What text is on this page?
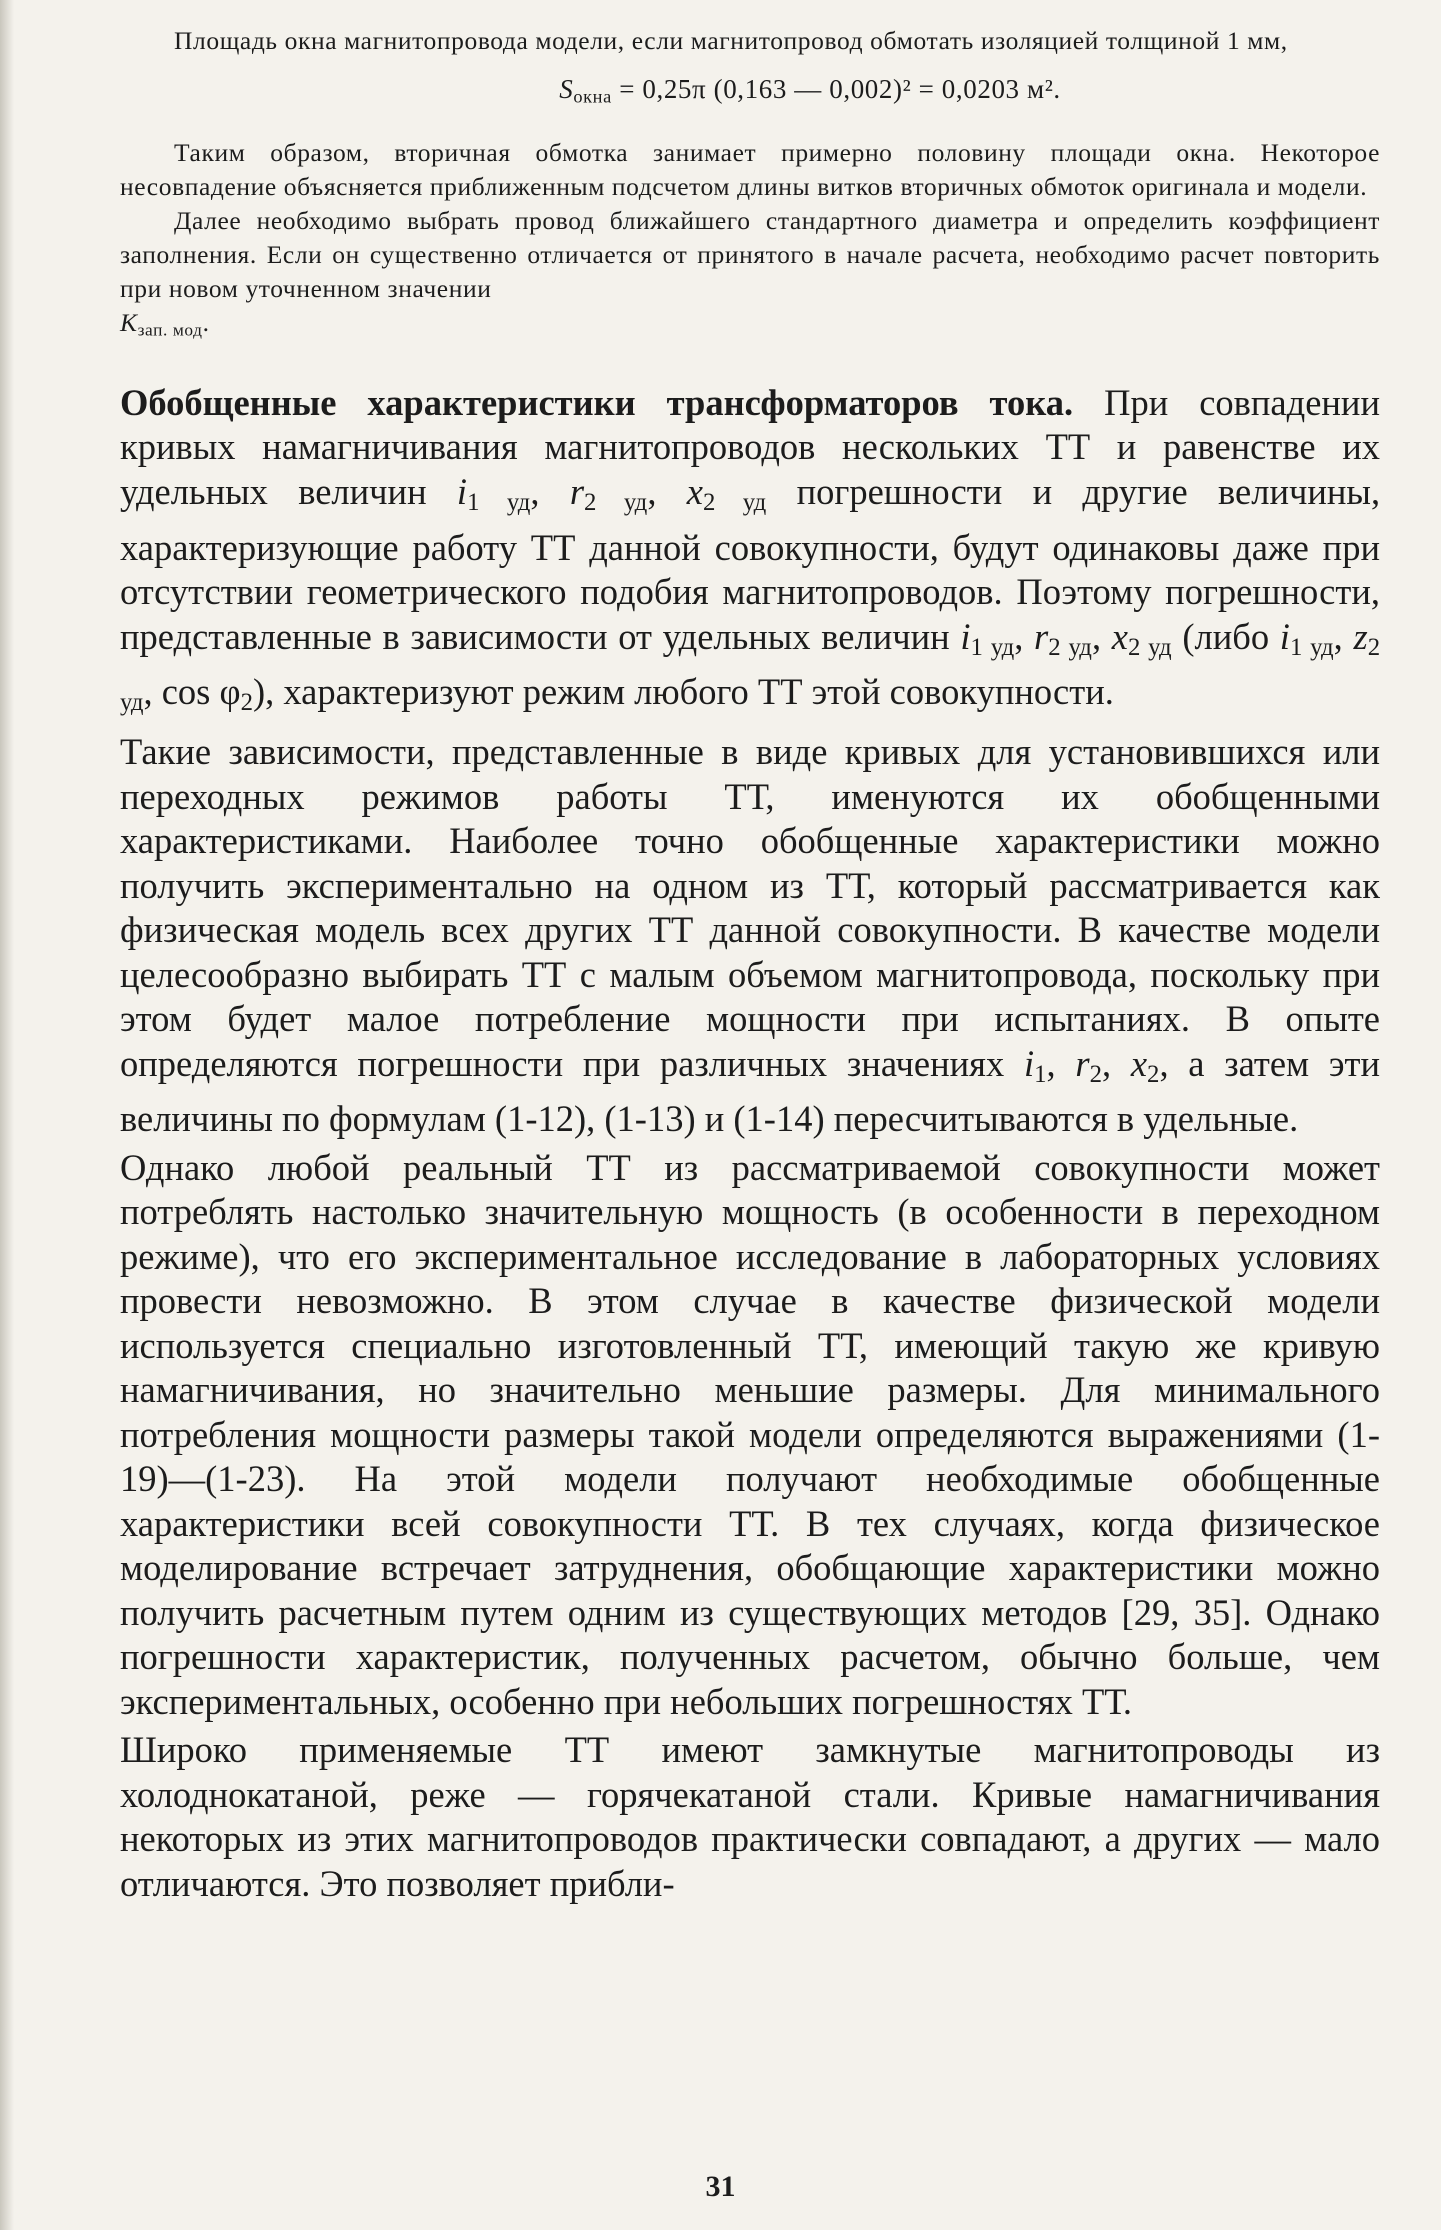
Площадь окна магнитопровода модели, если магнитопровод обмотать изоляцией толщиной 1 мм,

$S_{окна} = 0,25\pi$ (0,163 — 0,002)² = 0,0203 м².

Таким образом, вторичная обмотка занимает примерно половину площади окна. Некоторое несовпадение объясняется приближенным подсчетом длины витков вторичных обмоток оригинала и модели.

Далее необходимо выбрать провод ближайшего стандартного диаметра и определить коэффициент заполнения. Если он существенно отличается от принятого в начале расчета, необходимо расчет повторить при новом уточненном значении
$K_{зап. мод}$.

Обобщенные характеристики трансформаторов тока. При совпадении кривых намагничивания магнитопроводов нескольких ТТ и равенстве их удельных величин $i_{1 уд}$, $r_{2 уд}$, $x_{2 уд}$ погрешности и другие величины, характеризующие работу ТТ данной совокупности, будут одинаковы даже при отсутствии геометрического подобия магнитопроводов. Поэтому погрешности, представленные в зависимости от удельных величин $i_{1 уд}$, $r_{2 уд}$, $x_{2 уд}$ (либо $i_{1 уд}$, $z_{2 уд}$, $\cos \varphi_2$), характеризуют режим любого ТТ этой совокупности.

Такие зависимости, представленные в виде кривых для установившихся или переходных режимов работы ТТ, именуются их обобщенными характеристиками. Наиболее точно обобщенные характеристики можно получить экспериментально на одном из ТТ, который рассматривается как физическая модель всех других ТТ данной совокупности. В качестве модели целесообразно выбирать ТТ с малым объемом магнитопровода, поскольку при этом будет малое потребление мощности при испытаниях. В опыте определяются погрешности при различных значениях $i_1$, $r_2$, $x_2$, а затем эти величины по формулам (1-12), (1-13) и (1-14) пересчитываются в удельные.

Однако любой реальный ТТ из рассматриваемой совокупности может потреблять настолько значительную мощность (в особенности в переходном режиме), что его экспериментальное исследование в лабораторных условиях провести невозможно. В этом случае в качестве физической модели используется специально изготовленный ТТ, имеющий такую же кривую намагничивания, но значительно меньшие размеры. Для минимального потребления мощности размеры такой модели определяются выражениями (1-19)—(1-23). На этой модели получают необходимые обобщенные характеристики всей совокупности ТТ. В тех случаях, когда физическое моделирование встречает затруднения, обобщающие характеристики можно получить расчетным путем одним из существующих методов [29, 35]. Однако погрешности характеристик, полученных расчетом, обычно больше, чем экспериментальных, особенно при небольших погрешностях ТТ.

Широко применяемые ТТ имеют замкнутые магнитопроводы из холоднокатаной, реже — горячекатаной стали. Кривые намагничивания некоторых из этих магнитопроводов практически совпадают, а других — мало отличаются. Это позволяет прибли-

31
